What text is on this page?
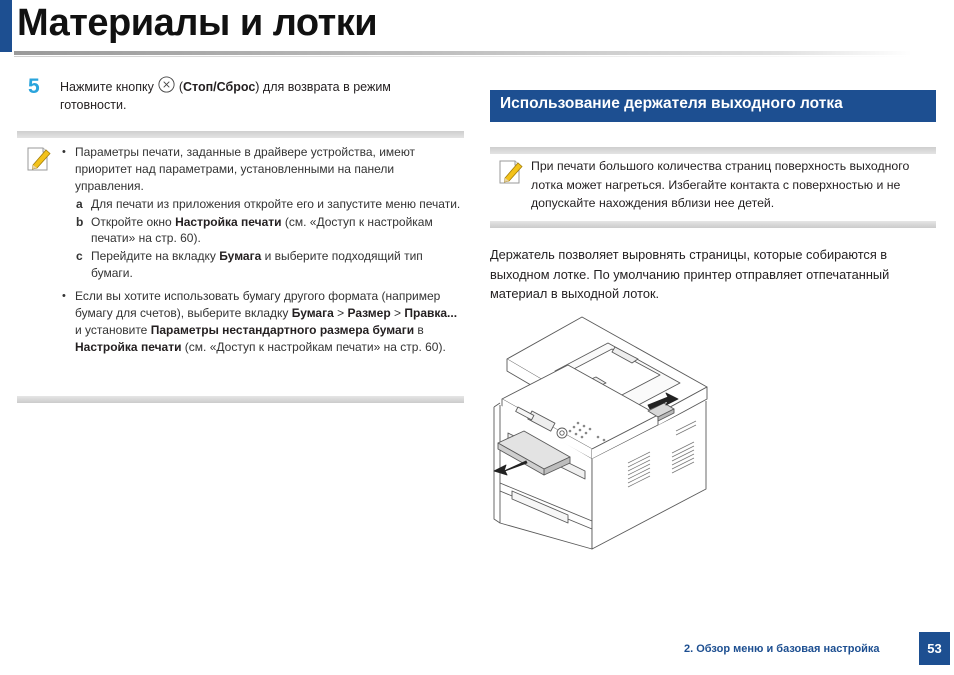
Материалы и лотки
5 Нажмите кнопку  (Стоп/Сброс) для возврата в режим готовности.
• Параметры печати, заданные в драйвере устройства, имеют приоритет над параметрами, установленными на панели управления.
a Для печати из приложения откройте его и запустите меню печати.
b Откройте окно Настройка печати (см. «Доступ к настройкам печати» на стр. 60).
c Перейдите на вкладку Бумага и выберите подходящий тип бумаги.
• Если вы хотите использовать бумагу другого формата (например бумагу для счетов), выберите вкладку Бумага > Размер > Правка... и установите Параметры нестандартного размера бумаги в Настройка печати (см. «Доступ к настройкам печати» на стр. 60).
Использование держателя выходного лотка
При печати большого количества страниц поверхность выходного лотка может нагреться. Избегайте контакта с поверхностью и не допускайте нахождения вблизи нее детей.
Держатель позволяет выровнять страницы, которые собираются в выходном лотке. По умолчанию принтер отправляет отпечатанный материал в выходной лоток.
2. Обзор меню и базовая настройка	53
